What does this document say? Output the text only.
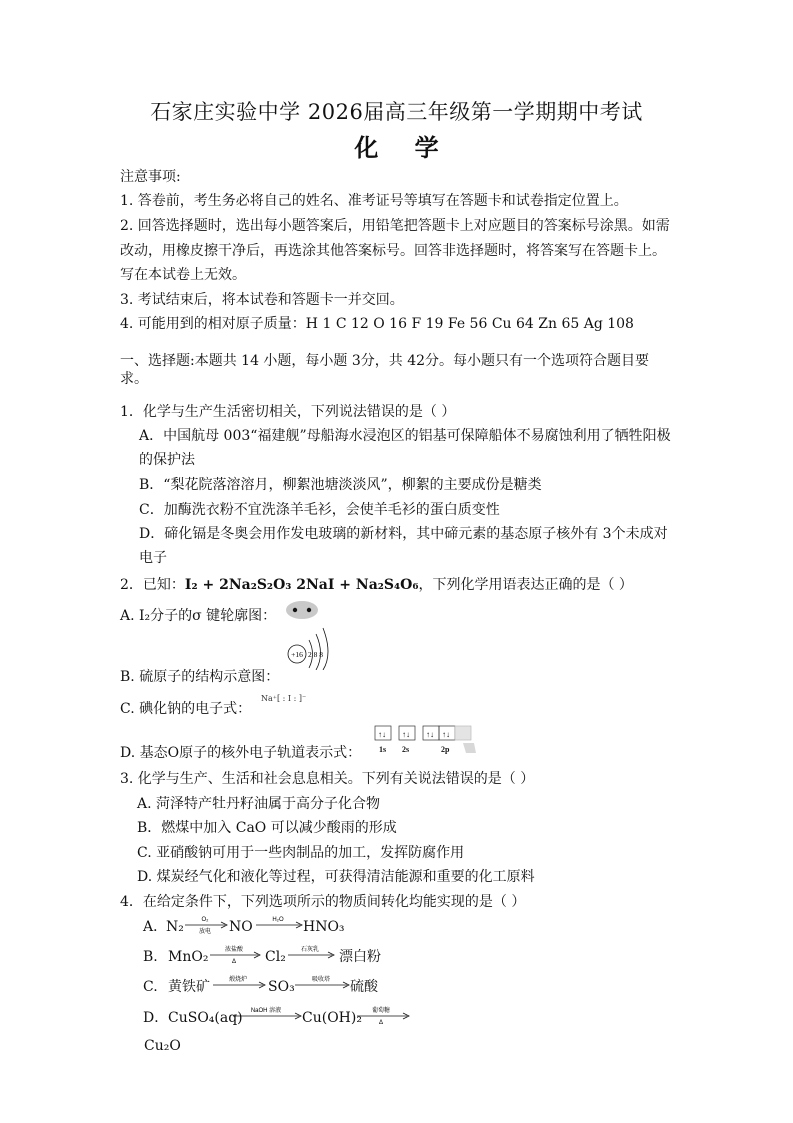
石家庄实验中学 2026届高三年级第一学期期中考试
化 学
注意事项:
1. 答卷前，考生务必将自己的姓名、准考证号等填写在答题卡和试卷指定位置上。
2. 回答选择题时，选出每小题答案后，用铅笔把答题卡上对应题目的答案标号涂黑。如需
改动，用橡皮擦干净后，再选涂其他答案标号。回答非选择题时，将答案写在答题卡上。
写在本试卷上无效。
3. 考试结束后，将本试卷和答题卡一并交回。
4. 可能用到的相对原子质量：H 1 C 12 O 16 F 19 Fe 56 Cu 64 Zn 65 Ag 108
一、选择题:本题共 14 小题，每小题 3分，共 42分。每小题只有一个选项符合题目要
求。
1．化学与生产生活密切相关，下列说法错误的是（ ）
A．中国航母 003“福建舰”母船海水浸泡区的铝基可保障船体不易腐蚀利用了牺牲阳极
的保护法
B．“梨花院落溶溶月，柳絮池塘淡淡风”，柳絮的主要成份是糖类
C．加酶洗衣粉不宜洗涤羊毛衫，会使羊毛衫的蛋白质变性
D．碲化镉是冬奥会用作发电玻璃的新材料，其中碲元素的基态原子核外有 3个未成对
电子
2．已知：I₂ + 2Na₂S₂O₃ 2NaI + Na₂S₄O₆，下列化学用语表达正确的是（ ）
A. I₂分子的σ 键轮廓图：
+16 2 8 8
B. 硫原子的结构示意图：
C. 碘化钠的电子式：
Na⁺[ : I : ]⁻
↑↓ ↑↓ ↑↓ ↑↓
1s 2s	2p
D. 基态O原子的核外电子轨道表示式：
3. 化学与生产、生活和社会息息相关。下列有关说法错误的是（ ）
A. 菏泽特产牡丹籽油属于高分子化合物
B．燃煤中加入 CaO 可以减少酸雨的形成
C. 亚硝酸钠可用于一些肉制品的加工，发挥防腐作用
D. 煤炭经气化和液化等过程，可获得清洁能源和重要的化工原料
4．在给定条件下，下列选项所示的物质间转化均能实现的是（ ）
A．
N₂	O₂
放电 NO	H₂O HNO₃
B. MnO₂	浓盐酸
Δ Cl₂	石灰乳 漂白粉
C. 黄铁矿	煅烧炉 SO₃	吸收塔 硫酸
D． CuSO₄(aq) NaOH 溶液 Cu(OH)₂ 葡萄糖
Δ
Cu₂O
